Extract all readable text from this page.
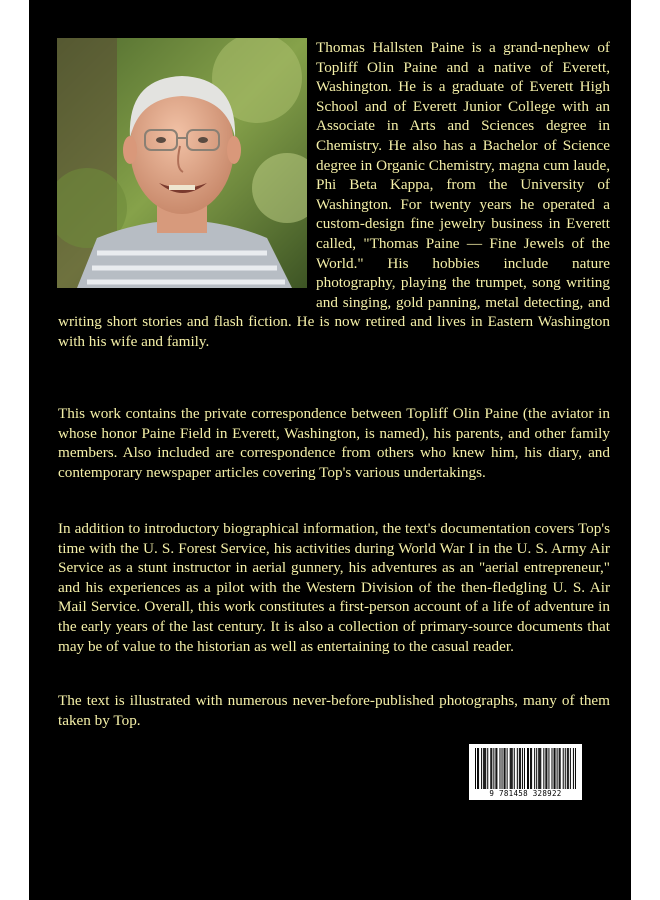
Thomas Hallsten Paine is a grand-nephew of Topliff Olin Paine and a native of Everett, Washington. He is a graduate of Everett High School and of Everett Junior College with an Associate in Arts and Sciences degree in Chemistry. He also has a Bachelor of Science degree in Organic Chemistry, magna cum laude, Phi Beta Kappa, from the University of Washington. For twenty years he operated a custom-design fine jewelry business in Everett called, "Thomas Paine — Fine Jewels of the World." His hobbies include nature photography, playing the trumpet, song writing and singing, gold panning, metal detecting, and writing short stories and flash fiction. He is now retired and lives in Eastern Washington with his wife and family.

This work contains the private correspondence between Topliff Olin Paine (the aviator in whose honor Paine Field in Everett, Washington, is named), his parents, and other family members. Also included are correspondence from others who knew him, his diary, and contemporary newspaper articles covering Top's various undertakings.

In addition to introductory biographical information, the text's documentation covers Top's time with the U. S. Forest Service, his activities during World War I in the U. S. Army Air Service as a stunt instructor in aerial gunnery, his adventures as an "aerial entrepreneur," and his experiences as a pilot with the Western Division of the then-fledgling U. S. Air Mail Service. Overall, this work constitutes a first-person account of a life of adventure in the early years of the last century. It is also a collection of primary-source documents that may be of value to the historian as well as entertaining to the casual reader.

The text is illustrated with numerous never-before-published photographs, many of them taken by Top.

9 781458 328922
